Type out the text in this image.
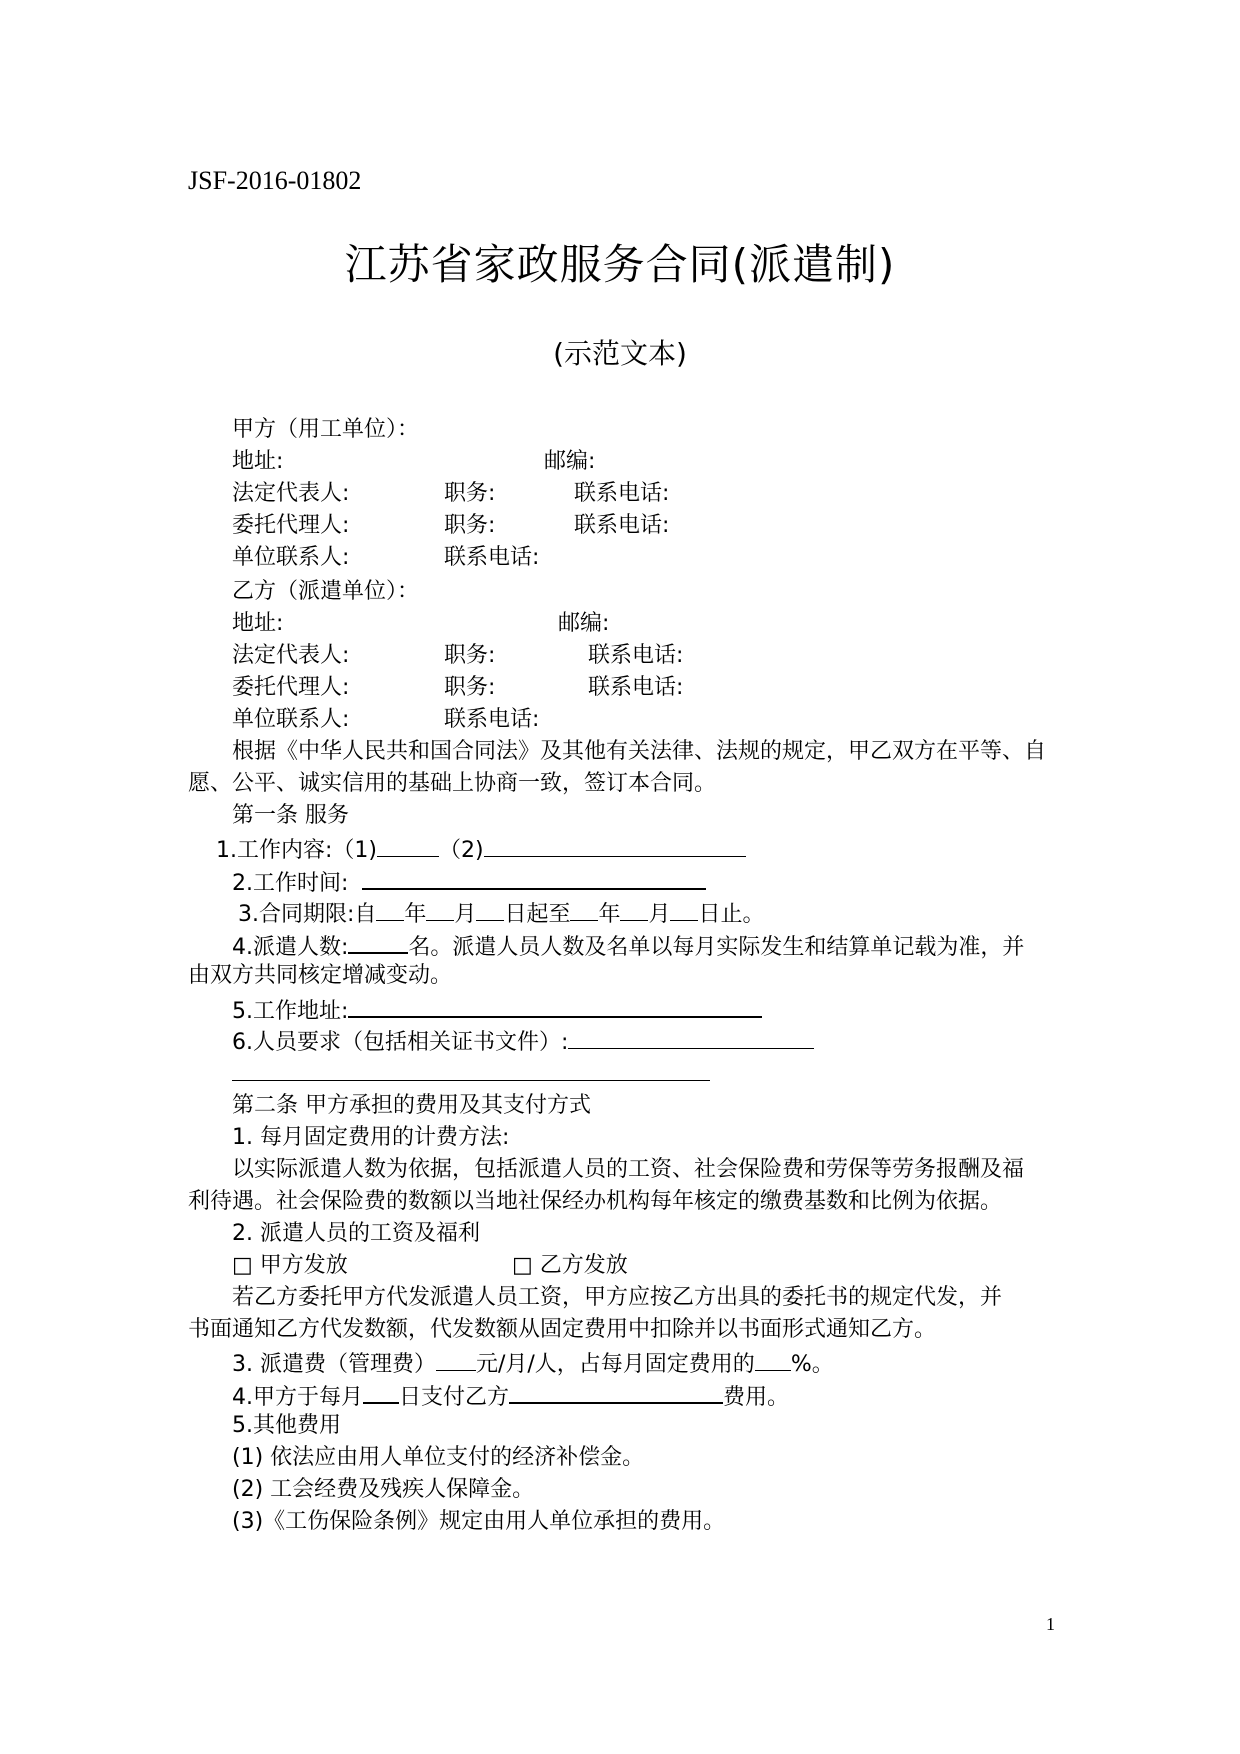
JSF-2016-01802
江苏省家政服务合同(派遣制)
(示范文本)
甲方（用工单位）：
地址:	邮编:
法定代表人:	职务:	联系电话:
委托代理人:	职务:	联系电话:
单位联系人:	联系电话:
乙方（派遣单位）：
地址:	邮编:
法定代表人:	职务:	联系电话:
委托代理人:	职务:	联系电话:
单位联系人:	联系电话:
根据《中华人民共和国合同法》及其他有关法律、法规的规定，甲乙双方在平等、自
愿、公平、诚实信用的基础上协商一致，签订本合同。
第一条 服务
1.工作内容:（1)	（2)
2.工作时间:
3.合同期限:自 年 月 日起至 年 月 日止。
4.派遣人数:	名。派遣人员人数及名单以每月实际发生和结算单记载为准，并
由双方共同核定增减变动。
5.工作地址:
6.人员要求（包括相关证书文件）:
第二条 甲方承担的费用及其支付方式
1. 每月固定费用的计费方法:
以实际派遣人数为依据，包括派遣人员的工资、社会保险费和劳保等劳务报酬及福
利待遇。社会保险费的数额以当地社保经办机构每年核定的缴费基数和比例为依据。
2. 派遣人员的工资及福利
□ 甲方发放	□ 乙方发放
若乙方委托甲方代发派遣人员工资，甲方应按乙方出具的委托书的规定代发，并
书面通知乙方代发数额，代发数额从固定费用中扣除并以书面形式通知乙方。
3. 派遣费（管理费） 元/月/人，占每月固定费用的 %。
4.甲方于每月 日支付乙方	费用。
5.其他费用
(1) 依法应由用人单位支付的经济补偿金。
(2) 工会经费及残疾人保障金。
(3)《工伤保险条例》规定由用人单位承担的费用。
1
